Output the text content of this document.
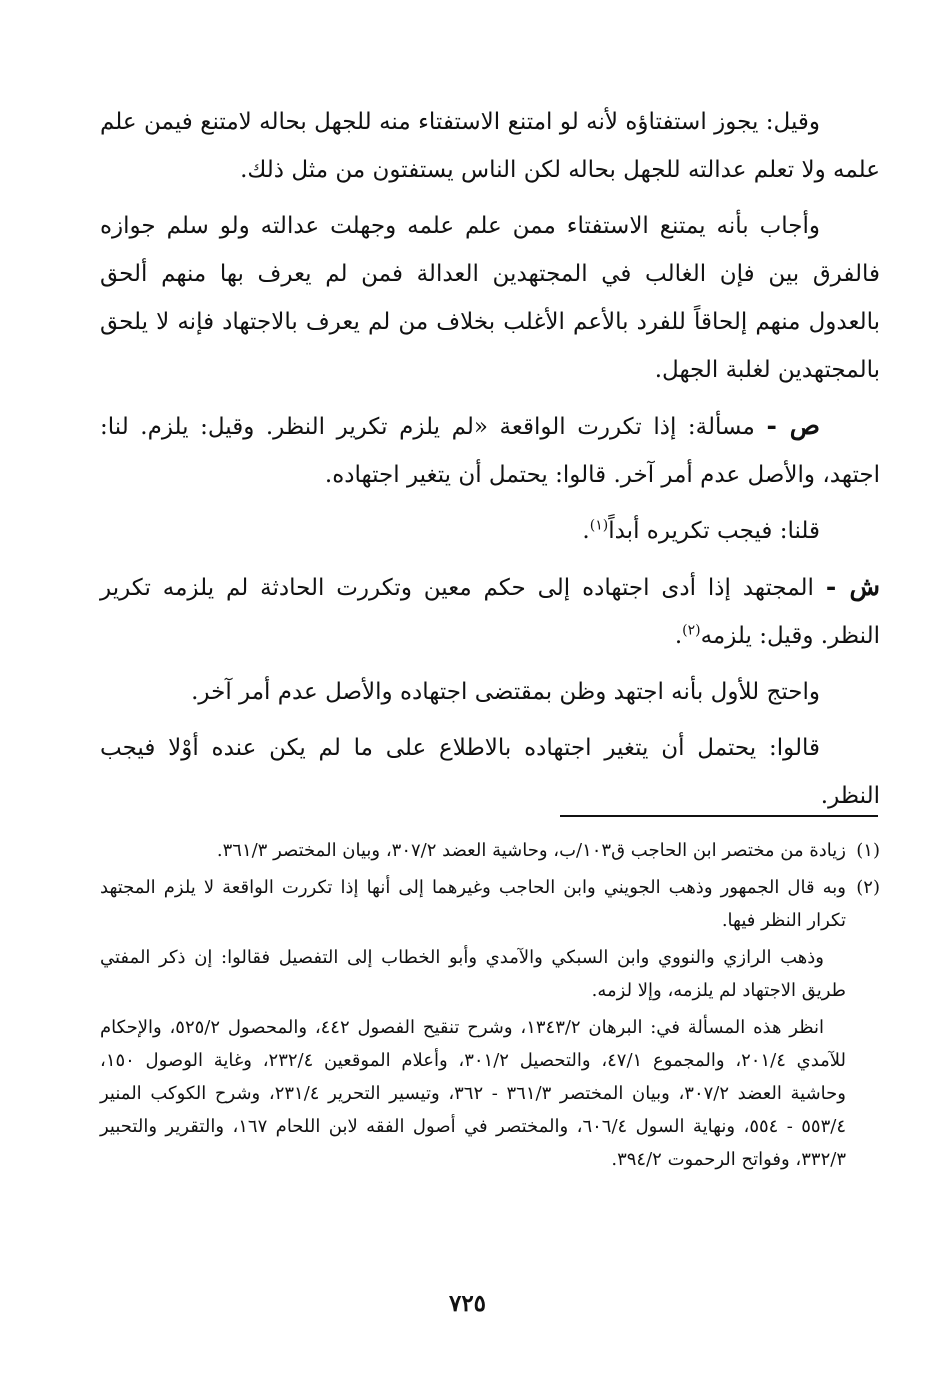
وقيل: يجوز استفتاؤه لأنه لو امتنع الاستفتاء منه للجهل بحاله لامتنع فيمن علم علمه ولا تعلم عدالته للجهل بحاله لكن الناس يستفتون من مثل ذلك.

وأجاب بأنه يمتنع الاستفتاء ممن علم علمه وجهلت عدالته ولو سلم جوازه فالفرق بين فإن الغالب في المجتهدين العدالة فمن لم يعرف بها منهم ألحق بالعدول منهم إلحاقاً للفرد بالأعم الأغلب بخلاف من لم يعرف بالاجتهاد فإنه لا يلحق بالمجتهدين لغلبة الجهل.

ص - مسألة: إذا تكررت الواقعة «لم يلزم تكرير النظر. وقيل: يلزم. لنا: اجتهد، والأصل عدم أمر آخر. قالوا: يحتمل أن يتغير اجتهاده.

قلنا: فيجب تكريره أبداً$^{(١)}$.

ش - المجتهد إذا أدى اجتهاده إلى حكم معين وتكررت الحادثة لم يلزمه تكرير النظر. وقيل: يلزمه$^{(٢)}$.

واحتج للأول بأنه اجتهد وظن بمقتضى اجتهاده والأصل عدم أمر آخر.

قالوا: يحتمل أن يتغير اجتهاده بالاطلاع على ما لم يكن عنده أوْلا فيجب النظر.

(١)
زيادة من مختصر ابن الحاجب ق١٠٣/ب، وحاشية العضد ٣٠٧/٢، وبيان المختصر ٣٦١/٣.
(٢)
وبه قال الجمهور وذهب الجويني وابن الحاجب وغيرهما إلى أنها إذا تكررت الواقعة لا يلزم المجتهد تكرار النظر فيها.
وذهب الرازي والنووي وابن السبكي والآمدي وأبو الخطاب إلى التفصيل فقالوا: إن ذكر المفتي طريق الاجتهاد لم يلزمه، وإلا لزمه.
انظر هذه المسألة في: البرهان ١٣٤٣/٢، وشرح تنقيح الفصول ٤٤٢، والمحصول ٥٢٥/٢، والإحكام للآمدي ٢٠١/٤، والمجموع ٤٧/١، والتحصيل ٣٠١/٢، وأعلام الموقعين ٢٣٢/٤، وغاية الوصول ١٥٠، وحاشية العضد ٣٠٧/٢، وبيان المختصر ٣٦١/٣ - ٣٦٢، وتيسير التحرير ٢٣١/٤، وشرح الكوكب المنير ٥٥٣/٤ - ٥٥٤، ونهاية السول ٦٠٦/٤، والمختصر في أصول الفقه لابن اللحام ١٦٧، والتقرير والتحبير ٣٣٢/٣، وفواتح الرحموت ٣٩٤/٢.
٧٢٥
